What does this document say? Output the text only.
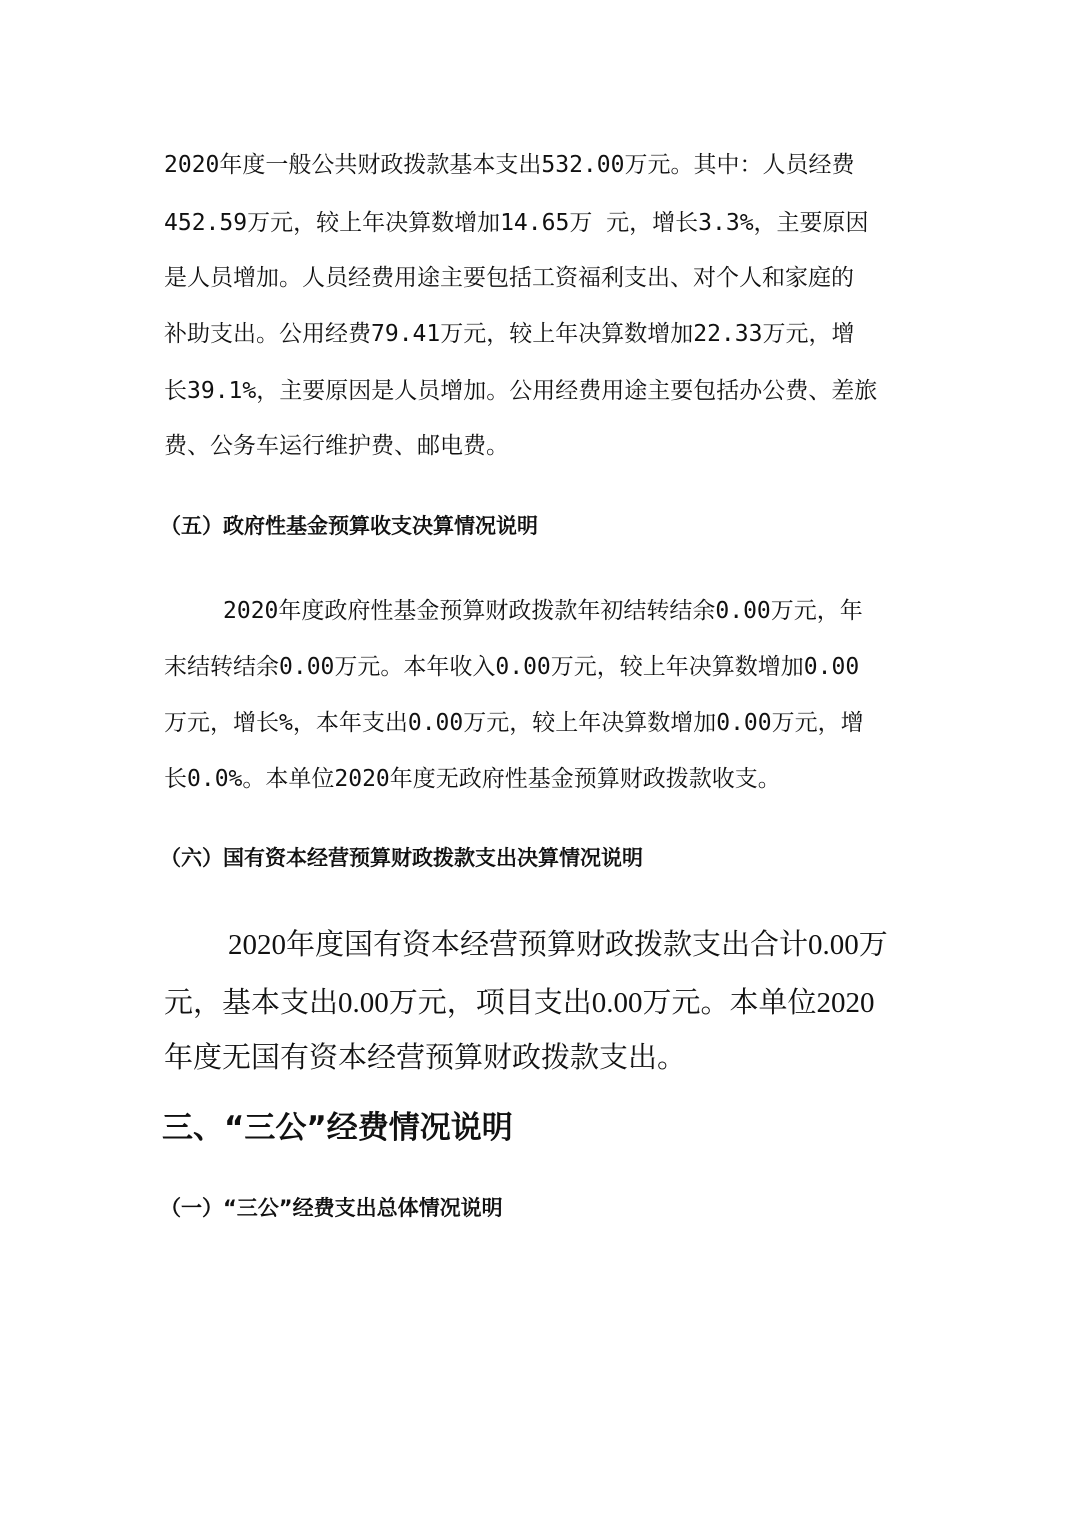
2020年度一般公共财政拨款基本支出532.00万元。其中：人员经费

452.59万元，较上年决算数增加14.65万 元，增长3.3%，主要原因

是人员增加。人员经费用途主要包括工资福利支出、对个人和家庭的

补助支出。公用经费79.41万元，较上年决算数增加22.33万元，增

长39.1%，主要原因是人员增加。公用经费用途主要包括办公费、差旅

费、公务车运行维护费、邮电费。

（五）政府性基金预算收支决算情况说明

2020年度政府性基金预算财政拨款年初结转结余0.00万元，年

末结转结余0.00万元。本年收入0.00万元，较上年决算数增加0.00

万元，增长%，本年支出0.00万元，较上年决算数增加0.00万元，增

长0.0%。本单位2020年度无政府性基金预算财政拨款收支。

（六）国有资本经营预算财政拨款支出决算情况说明

2020年度国有资本经营预算财政拨款支出合计0.00万

元，基本支出0.00万元，项目支出0.00万元。本单位2020

年度无国有资本经营预算财政拨款支出。

三、“三公”经费情况说明
（一）“三公”经费支出总体情况说明
